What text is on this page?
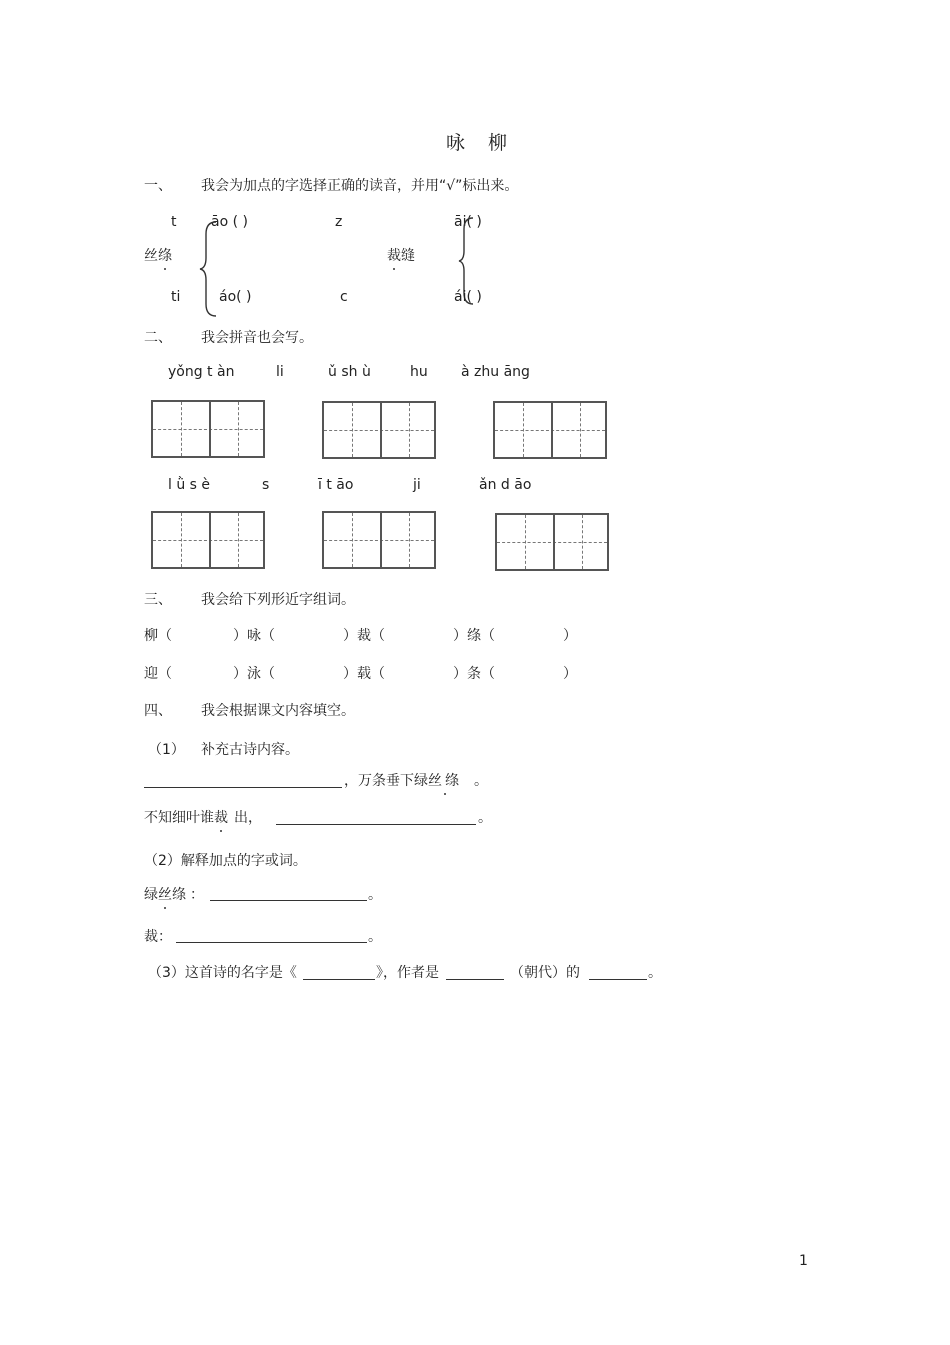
咏　柳
一、 我会为加点的字选择正确的读音，并用“√”标出来。
t āo ( )	z	āi( )
丝绦	裁缝
ti	áo( )	c	ái( )
二、 我会拼音也会写。
yǒng t àn	li	ǔ sh ù	hu à zhu āng
l ǜ s è	s	ī t āo	ji	ǎn d āo
三、 我会给下列形近字组词。
柳（	）咏（	）裁（	）绦（	）
迎（	）泳（	）载（	）条（	）
四、 我会根据课文内容填空。
（1） 补充古诗内容。
，万条垂下绿丝绦 。
不知细叶谁裁 出，	。
（2）解释加点的字或词。
绿丝绦 ：	。
裁：	。
（3）这首诗的名字是《	》，作者是	（朝代）的	。
1
